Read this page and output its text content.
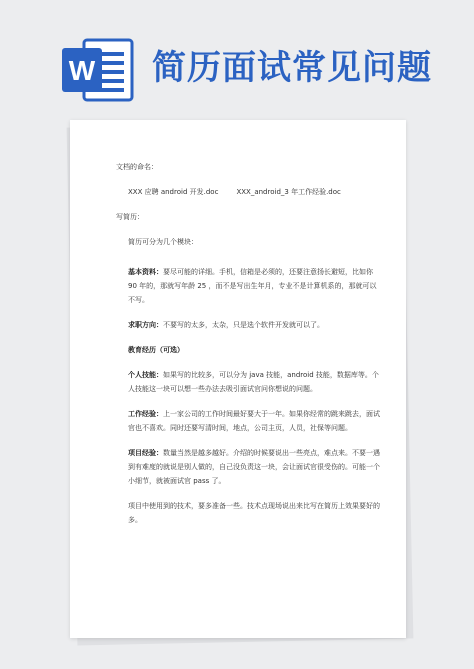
W 简历面试常见问题

文档的命名：

XXX 应聘 android 开发.doc	XXX_android_3 年工作经验.doc

写简历：

简历可分为几个模块：

基本资料：要尽可能的详细。手机，信箱是必须的，还要注意扬长避短，比如你 90 年的，那就写年龄 25 ，而不是写出生年月，专业不是计算机系的，那就可以不写。

求职方向：不要写的太多，太杂，只是选个软件开发就可以了。

教育经历（可选）

个人技能：如果写的比较多，可以分为 java 技能，android 技能，数据库等。个人技能这一块可以想一些办法去吸引面试官问你想说的问题。

工作经验：上一家公司的工作时间最好要大于一年。如果你经常的跳来跳去，面试官也不喜欢。同时还要写清时间，地点，公司主页，人员，社保等问题。

项目经验：数量当然是越多越好。介绍的时候要说出一些亮点，难点来。不要一遇到有难度的就说是别人做的，自己没负责这一块，会让面试官很受伤的。可能一个小细节，就被面试官 pass 了。

项目中使用到的技术，要多准备一些。技术点现场说出来比写在简历上效果要好的多。
